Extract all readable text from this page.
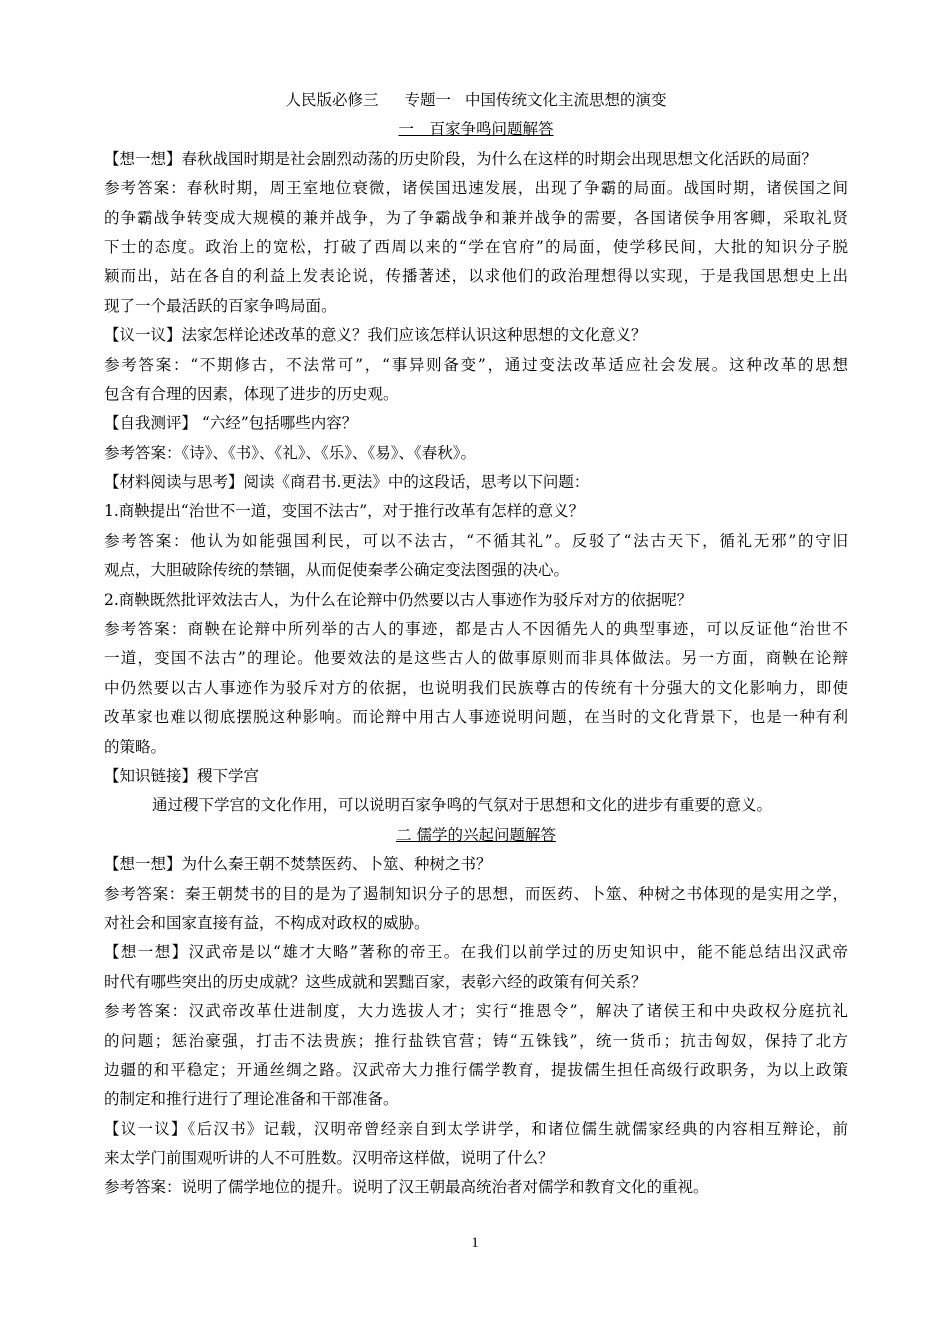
人民版必修三 专题一 中国传统文化主流思想的演变
一　百家争鸣问题解答
【想一想】春秋战国时期是社会剧烈动荡的历史阶段，为什么在这样的时期会出现思想文化活跃的局面？
参考答案：春秋时期，周王室地位衰微，诸侯国迅速发展，出现了争霸的局面。战国时期，诸侯国之间
的争霸战争转变成大规模的兼并战争，为了争霸战争和兼并战争的需要，各国诸侯争用客卿，采取礼贤
下士的态度。政治上的宽松，打破了西周以来的“学在官府”的局面，使学移民间，大批的知识分子脱
颖而出，站在各自的利益上发表论说，传播著述，以求他们的政治理想得以实现，于是我国思想史上出
现了一个最活跃的百家争鸣局面。
【议一议】法家怎样论述改革的意义？我们应该怎样认识这种思想的文化意义？
参考答案：“不期修古，不法常可”，“事异则备变”，通过变法改革适应社会发展。这种改革的思想
包含有合理的因素，体现了进步的历史观。
【自我测评】 “六经”包括哪些内容？
参考答案：《诗》、《书》、《礼》、《乐》、《易》、《春秋》。
【材料阅读与思考】阅读《商君书.更法》中的这段话，思考以下问题：
1.商鞅提出“治世不一道，变国不法古”，对于推行改革有怎样的意义？
参考答案：他认为如能强国利民，可以不法古，“不循其礼”。反驳了“法古天下，循礼无邪”的守旧
观点，大胆破除传统的禁锢，从而促使秦孝公确定变法图强的决心。
2.商鞅既然批评效法古人，为什么在论辩中仍然要以古人事迹作为驳斥对方的依据呢？
参考答案：商鞅在论辩中所列举的古人的事迹，都是古人不因循先人的典型事迹，可以反证他“治世不
一道，变国不法古”的理论。他要效法的是这些古人的做事原则而非具体做法。另一方面，商鞅在论辩
中仍然要以古人事迹作为驳斥对方的依据，也说明我们民族尊古的传统有十分强大的文化影响力，即使
改革家也难以彻底摆脱这种影响。而论辩中用古人事迹说明问题，在当时的文化背景下，也是一种有利
的策略。
【知识链接】稷下学宫
通过稷下学宫的文化作用，可以说明百家争鸣的气氛对于思想和文化的进步有重要的意义。
二 儒学的兴起问题解答
【想一想】为什么秦王朝不焚禁医药、卜筮、种树之书？
参考答案：秦王朝焚书的目的是为了遏制知识分子的思想，而医药、卜筮、种树之书体现的是实用之学，
对社会和国家直接有益，不构成对政权的威胁。
【想一想】汉武帝是以“雄才大略”著称的帝王。在我们以前学过的历史知识中，能不能总结出汉武帝
时代有哪些突出的历史成就？这些成就和罢黜百家，表彰六经的政策有何关系？
参考答案：汉武帝改革仕进制度，大力选拔人才；实行“推恩令”，解决了诸侯王和中央政权分庭抗礼
的问题；惩治豪强，打击不法贵族；推行盐铁官营；铸“五铢钱”，统一货币；抗击匈奴，保持了北方
边疆的和平稳定；开通丝绸之路。汉武帝大力推行儒学教育，提拔儒生担任高级行政职务，为以上政策
的制定和推行进行了理论准备和干部准备。
【议一议】《后汉书》记载，汉明帝曾经亲自到太学讲学，和诸位儒生就儒家经典的内容相互辩论，前
来太学门前围观听讲的人不可胜数。汉明帝这样做，说明了什么？
参考答案：说明了儒学地位的提升。说明了汉王朝最高统治者对儒学和教育文化的重视。
1
